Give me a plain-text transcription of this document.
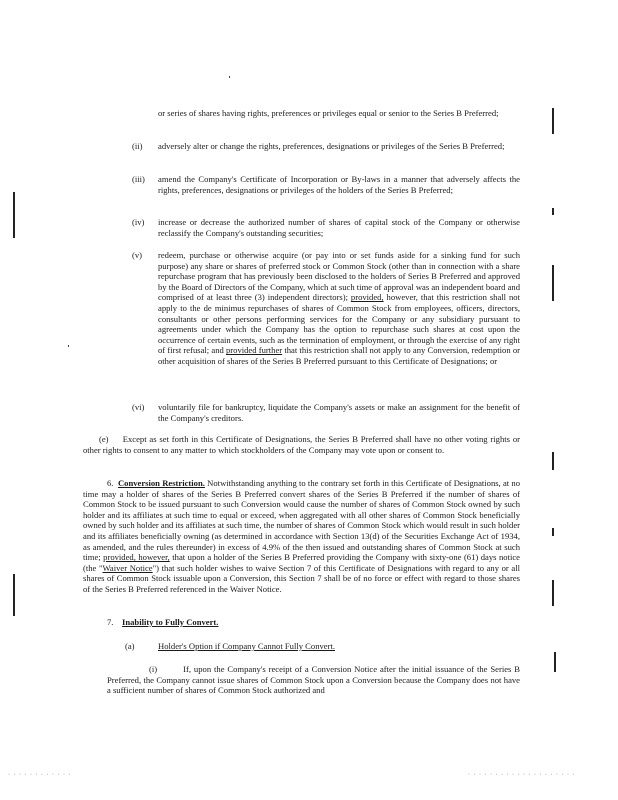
· · · · · · · · · · · ·	· · · · · · · · · · · · · · · · · · · ·
or series of shares having rights, preferences or privileges equal or senior to the Series B Preferred;
(ii) adversely alter or change the rights, preferences, designations or privileges of the Series B Preferred;
(iii) amend the Company's Certificate of Incorporation or By-laws in a manner that adversely affects the rights, preferences, designations or privileges of the holders of the Series B Preferred;
(iv) increase or decrease the authorized number of shares of capital stock of the Company or otherwise reclassify the Company's outstanding securities;
(v) redeem, purchase or otherwise acquire (or pay into or set funds aside for a sinking fund for such purpose) any share or shares of preferred stock or Common Stock (other than in connection with a share repurchase program that has previously been disclosed to the holders of Series B Preferred and approved by the Board of Directors of the Company, which at such time of approval was an independent board and comprised of at least three (3) independent directors); provided, however, that this restriction shall not apply to the de minimus repurchases of shares of Common Stock from employees, officers, directors, consultants or other persons performing services for the Company or any subsidiary pursuant to agreements under which the Company has the option to repurchase such shares at cost upon the occurrence of certain events, such as the termination of employment, or through the exercise of any right of first refusal; and provided further that this restriction shall not apply to any Conversion, redemption or other acquisition of shares of the Series B Preferred pursuant to this Certificate of Designations; or
(vi) voluntarily file for bankruptcy, liquidate the Company's assets or make an assignment for the benefit of the Company's creditors.
(e) Except as set forth in this Certificate of Designations, the Series B Preferred shall have no other voting rights or other rights to consent to any matter to which stockholders of the Company may vote upon or consent to.
6. Conversion Restriction. Notwithstanding anything to the contrary set forth in this Certificate of Designations, at no time may a holder of shares of the Series B Preferred convert shares of the Series B Preferred if the number of shares of Common Stock to be issued pursuant to such Conversion would cause the number of shares of Common Stock owned by such holder and its affiliates at such time to equal or exceed, when aggregated with all other shares of Common Stock beneficially owned by such holder and its affiliates at such time, the number of shares of Common Stock which would result in such holder and its affiliates beneficially owning (as determined in accordance with Section 13(d) of the Securities Exchange Act of 1934, as amended, and the rules thereunder) in excess of 4.9% of the then issued and outstanding shares of Common Stock at such time; provided, however, that upon a holder of the Series B Preferred providing the Company with sixty-one (61) days notice (the "Waiver Notice") that such holder wishes to waive Section 7 of this Certificate of Designations with regard to any or all shares of Common Stock issuable upon a Conversion, this Section 7 shall be of no force or effect with regard to those shares of the Series B Preferred referenced in the Waiver Notice.
7. Inability to Fully Convert.
(a)	Holder's Option if Company Cannot Fully Convert.
(i)	If, upon the Company's receipt of a Conversion Notice after the initial issuance of the Series B Preferred, the Company cannot issue shares of Common Stock upon a Conversion because the Company does not have a sufficient number of shares of Common Stock authorized and
